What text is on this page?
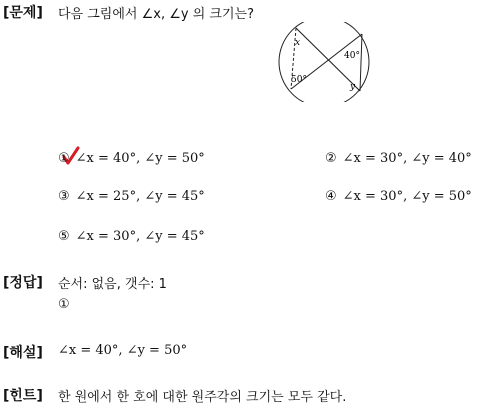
[문제] 다음 그림에서 ∠x, ∠y 의 크기는?
x
50°
40°
y
① ∠x = 40°, ∠y = 50°	② ∠x = 30°, ∠y = 40°
③ ∠x = 25°, ∠y = 45°	④ ∠x = 30°, ∠y = 50°
⑤ ∠x = 30°, ∠y = 45°
[정답] 순서: 없음, 갯수: 1
①
[해설] ∠x = 40°, ∠y = 50°
[힌트] 한 원에서 한 호에 대한 원주각의 크기는 모두 같다.
